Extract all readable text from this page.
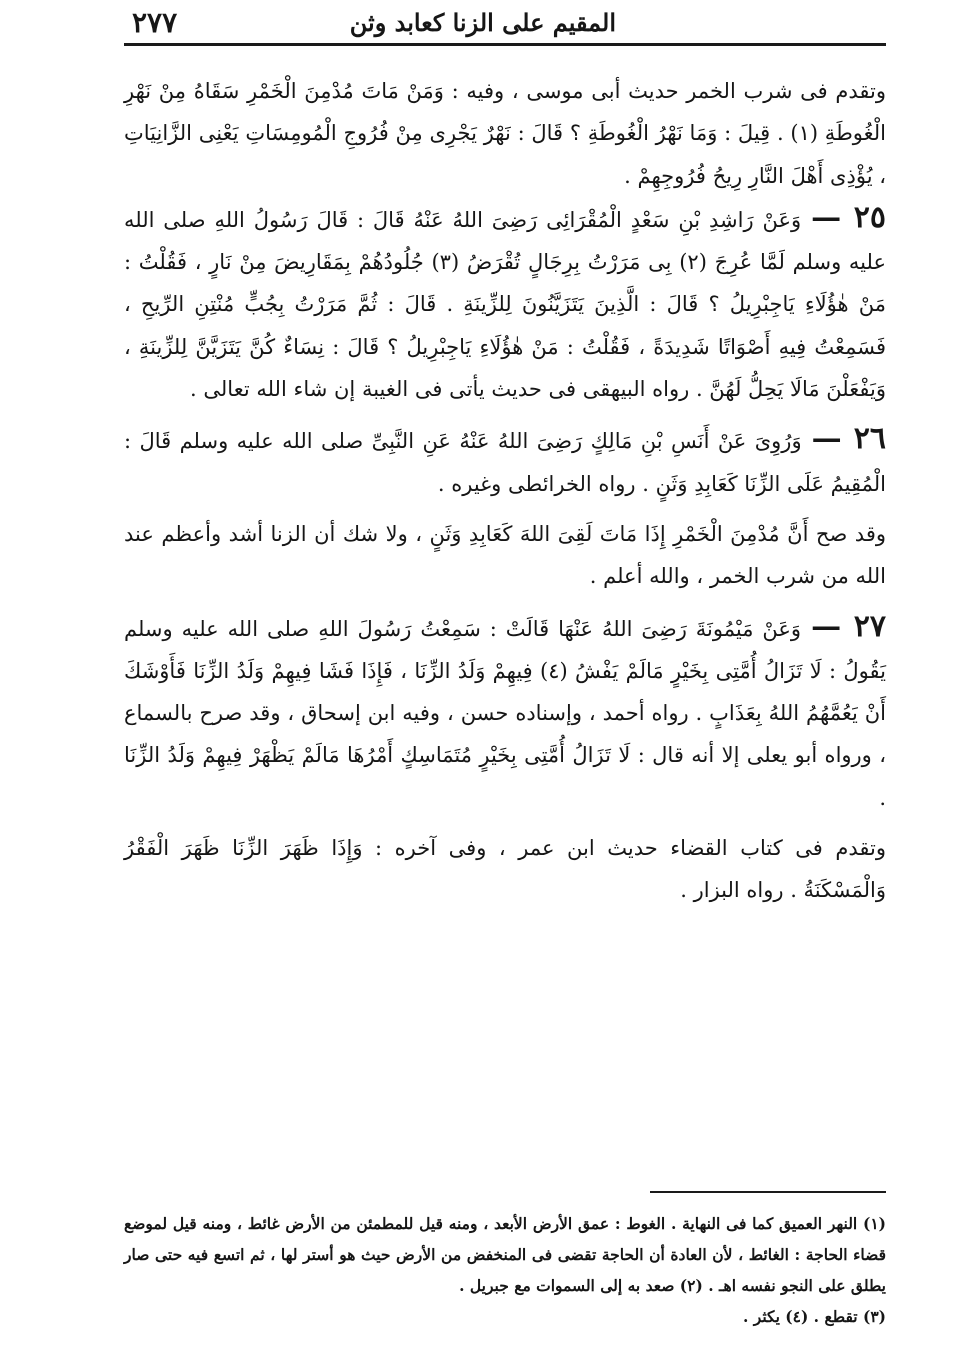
المقيم على الزنا كعابد وثن
٢٧٧

وتقدم فى شرب الخمر حديث أبى موسى ، وفيه : وَمَنْ مَاتَ مُدْمِنَ الْخَمْرِ سَقَاهُ مِنْ نَهْرِ الْغُوطَةِ (١) . قِيلَ : وَمَا نَهْرُ الْغُوطَةِ ؟ قَالَ : نَهْرٌ يَجْرِى مِنْ فُرُوجِ الْمُومِسَاتِ يَعْنِى الزَّانِيَاتِ ، يُؤْذِى أَهْلَ النَّارِ رِيحُ فُرُوجِهِمْ .

٢٥ —وَعَنْ رَاشِدِ بْنِ سَعْدٍ الْمُقْرَائِى رَضِىَ اللهُ عَنْهُ قَالَ : قَالَ رَسُولُ اللهِ صلى الله عليه وسلم لَمَّا عُرِجَ (٢) بِى مَرَرْتُ بِرِجَالٍ تُقْرَضُ (٣) جُلُودُهُمْ بِمَقَارِيضَ مِنْ نَارٍ ، فَقُلْتُ : مَنْ هٰؤُلَاءِ يَاجِبْرِيلُ ؟ قَالَ : الَّذِينَ يَتَزَيَّنُونَ لِلزِّينَةِ . قَالَ : ثُمَّ مَرَرْتُ بِجُبٍّ مُنْتِنِ الرِّيحِ ، فَسَمِعْتُ فِيهِ أَصْوَاتًا شَدِيدَةً ، فَقُلْتُ : مَنْ هٰؤُلَاءِ يَاجِبْرِيلُ ؟ قَالَ : نِسَاءٌ كُنَّ يَتَزَيَّنَّ لِلزِّينَةِ ، وَيَفْعَلْنَ مَالَا يَحِلُّ لَهُنَّ . رواه البيهقى فى حديث يأتى فى الغيبة إن شاء الله تعالى .

٢٦ —وَرُوِىَ عَنْ أَنَسِ بْنِ مَالِكٍ رَضِىَ اللهُ عَنْهُ عَنِ النَّبِىِّ صلى الله عليه وسلم قَالَ : الْمُقِيمُ عَلَى الزِّنَا كَعَابِدِ وَثَنٍ . رواه الخرائطى وغيره .

وقد صح أَنَّ مُدْمِنَ الْخَمْرِ إِذَا مَاتَ لَقِىَ اللهَ كَعَابِدِ وَثَنٍ ، ولا شك أن الزنا أشد وأعظم عند الله من شرب الخمر ، والله أعلم .

٢٧ —وَعَنْ مَيْمُونَةَ رَضِىَ اللهُ عَنْهَا قَالَتْ : سَمِعْتُ رَسُولَ اللهِ صلى الله عليه وسلم يَقُولُ : لَا تَزَالُ أُمَّتِى بِخَيْرٍ مَالَمْ يَفْشُ (٤) فِيهِمْ وَلَدُ الزِّنَا ، فَإِذَا فَشَا فِيهِمْ وَلَدُ الزِّنَا فَأَوْشَكَ أَنْ يَعُمَّهُمُ اللهُ بِعَذَابٍ . رواه أحمد ، وإسناده حسن ، وفيه ابن إسحاق ، وقد صرح بالسماع ، ورواه أبو يعلى إلا أنه قال : لَا تَزَالُ أُمَّتِى بِخَيْرٍ مُتَمَاسِكٍ أَمْرُهَا مَالَمْ يَظْهَرْ فِيهِمْ وَلَدُ الزِّنَا .

وتقدم فى كتاب القضاء حديث ابن عمر ، وفى آخره : وَإِذَا ظَهَرَ الزِّنَا ظَهَرَ الْفَقْرُ وَالْمَسْكَنَةُ . رواه البزار .

(١) النهر العميق كما فى النهاية . الغوط : عمق الأرض الأبعد ، ومنه قيل للمطمئن من الأرض غائط ، ومنه قيل لموضع قضاء الحاجة : الغائط ، لأن العادة أن الحاجة تقضى فى المنخفض من الأرض حيث هو أستر لها ، ثم اتسع فيه حتى صار يطلق على النجو نفسه اهـ . (٢) صعد به إلى السموات مع جبريل .

(٣) تقطع . (٤) يكثر .
